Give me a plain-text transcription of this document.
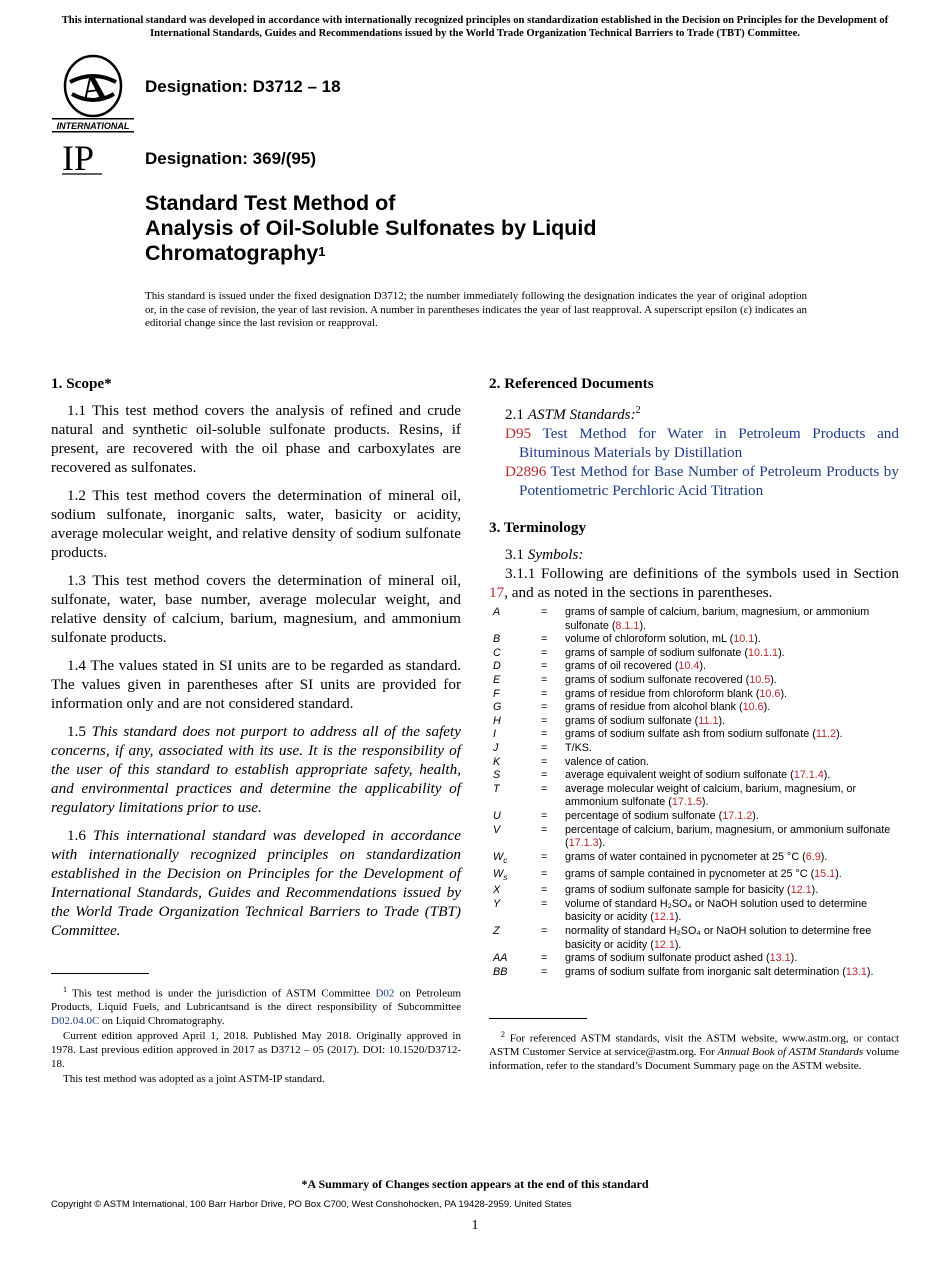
This international standard was developed in accordance with internationally recognized principles on standardization established in the Decision on Principles for the Development of International Standards, Guides and Recommendations issued by the World Trade Organization Technical Barriers to Trade (TBT) Committee.
A
INTERNATIONAL
IP
Designation: D3712 – 18
Designation: 369/(95)
Standard Test Method of
Analysis of Oil-Soluble Sulfonates by Liquid
Chromatography$^1$
This standard is issued under the fixed designation D3712; the number immediately following the designation indicates the year of original adoption or, in the case of revision, the year of last revision. A number in parentheses indicates the year of last reapproval. A superscript epsilon (ε) indicates an editorial change since the last revision or reapproval.
1. Scope*

1.1 This test method covers the analysis of refined and crude natural and synthetic oil-soluble sulfonate products. Resins, if present, are recovered with the oil phase and carboxylates are recovered as sulfonates.

1.2 This test method covers the determination of mineral oil, sodium sulfonate, inorganic salts, water, basicity or acidity, average molecular weight, and relative density of sodium sulfonate products.

1.3 This test method covers the determination of mineral oil, sulfonate, water, base number, average molecular weight, and relative density of calcium, barium, magnesium, and ammonium sulfonate products.

1.4 The values stated in SI units are to be regarded as standard. The values given in parentheses after SI units are provided for information only and are not considered standard.

1.5 This standard does not purport to address all of the safety concerns, if any, associated with its use. It is the responsibility of the user of this standard to establish appropriate safety, health, and environmental practices and determine the applicability of regulatory limitations prior to use.

1.6 This international standard was developed in accordance with internationally recognized principles on standardization established in the Decision on Principles for the Development of International Standards, Guides and Recommendations issued by the World Trade Organization Technical Barriers to Trade (TBT) Committee.

$^1$ This test method is under the jurisdiction of ASTM Committee D02 on Petroleum Products, Liquid Fuels, and Lubricantsand is the direct responsibility of Subcommittee D02.04.0C on Liquid Chromatography.

Current edition approved April 1, 2018. Published May 2018. Originally approved in 1978. Last previous edition approved in 2017 as D3712 – 05 (2017). DOI: 10.1520/D3712-18.

This test method was adopted as a joint ASTM-IP standard.

2. Referenced Documents
2.1 ASTM Standards:$^2$
D95 Test Method for Water in Petroleum Products and Bituminous Materials by Distillation
D2896 Test Method for Base Number of Petroleum Products by Potentiometric Perchloric Acid Titration
3. Terminology
3.1 Symbols:

3.1.1 Following are definitions of the symbols used in Section 17, and as noted in the sections in parentheses.

A	=	grams of sample of calcium, barium, magnesium, or ammonium sulfonate (8.1.1).
B	=	volume of chloroform solution, mL (10.1).
C	=	grams of sample of sodium sulfonate (10.1.1).
D	=	grams of oil recovered (10.4).
E	=	grams of sodium sulfonate recovered (10.5).
F	=	grams of residue from chloroform blank (10.6).
G	=	grams of residue from alcohol blank (10.6).
H	=	grams of sodium sulfonate (11.1).
I	=	grams of sodium sulfate ash from sodium sulfonate (11.2).
J	=	T/KS.
K	=	valence of cation.
S	=	average equivalent weight of sodium sulfonate (17.1.4).
T	=	average molecular weight of calcium, barium, magnesium, or ammonium sulfonate (17.1.5).
U	=	percentage of sodium sulfonate (17.1.2).
V	=	percentage of calcium, barium, magnesium, or ammonium sulfonate (17.1.3).
$W_c$	=	grams of water contained in pycnometer at 25 °C (6.9).
$W_s$	=	grams of sample contained in pycnometer at 25 °C (15.1).
X	=	grams of sodium sulfonate sample for basicity (12.1).
Y	=	volume of standard H₂SO₄ or NaOH solution used to determine basicity or acidity (12.1).
Z	=	normality of standard H₂SO₄ or NaOH solution to determine free basicity or acidity (12.1).
AA	=	grams of sodium sulfonate product ashed (13.1).
BB	=	grams of sodium sulfate from inorganic salt determination (13.1).

$^2$ For referenced ASTM standards, visit the ASTM website, www.astm.org, or contact ASTM Customer Service at service@astm.org. For Annual Book of ASTM Standards volume information, refer to the standard’s Document Summary page on the ASTM website.

*A Summary of Changes section appears at the end of this standard
Copyright © ASTM International, 100 Barr Harbor Drive, PO Box C700, West Conshohocken, PA 19428-2959. United States
1
